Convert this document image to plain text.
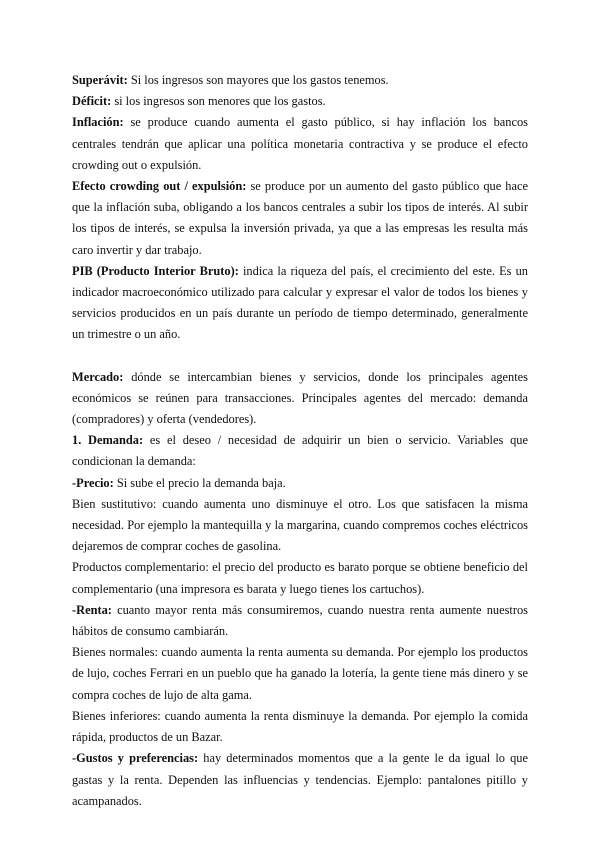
Superávit: Si los ingresos son mayores que los gastos tenemos.

Déficit: si los ingresos son menores que los gastos.

Inflación: se produce cuando aumenta el gasto público, si hay inflación los bancos centrales tendrán que aplicar una política monetaria contractiva y se produce el efecto crowding out o expulsión.

Efecto crowding out / expulsión: se produce por un aumento del gasto público que hace que la inflación suba, obligando a los bancos centrales a subir los tipos de interés. Al subir los tipos de interés, se expulsa la inversión privada, ya que a las empresas les resulta más caro invertir y dar trabajo.

PIB (Producto Interior Bruto): indica la riqueza del país, el crecimiento del este. Es un indicador macroeconómico utilizado para calcular y expresar el valor de todos los bienes y servicios producidos en un país durante un período de tiempo determinado, generalmente un trimestre o un año.

Mercado: dónde se intercambian bienes y servicios, donde los principales agentes económicos se reúnen para transacciones. Principales agentes del mercado: demanda (compradores) y oferta (vendedores).

1. Demanda: es el deseo / necesidad de adquirir un bien o servicio. Variables que condicionan la demanda:

-Precio: Si sube el precio la demanda baja.

Bien sustitutivo: cuando aumenta uno disminuye el otro. Los que satisfacen la misma necesidad. Por ejemplo la mantequilla y la margarina, cuando compremos coches eléctricos dejaremos de comprar coches de gasolina.

Productos complementario: el precio del producto es barato porque se obtiene beneficio del complementario (una impresora es barata y luego tienes los cartuchos).

-Renta: cuanto mayor renta más consumiremos, cuando nuestra renta aumente nuestros hábitos de consumo cambiarán.

Bienes normales: cuando aumenta la renta aumenta su demanda. Por ejemplo los productos de lujo, coches Ferrari en un pueblo que ha ganado la lotería, la gente tiene más dinero y se compra coches de lujo de alta gama.

Bienes inferiores: cuando aumenta la renta disminuye la demanda. Por ejemplo la comida rápida, productos de un Bazar.

-Gustos y preferencias: hay determinados momentos que a la gente le da igual lo que gastas y la renta. Dependen las influencias y tendencias. Ejemplo: pantalones pitillo y acampanados.
